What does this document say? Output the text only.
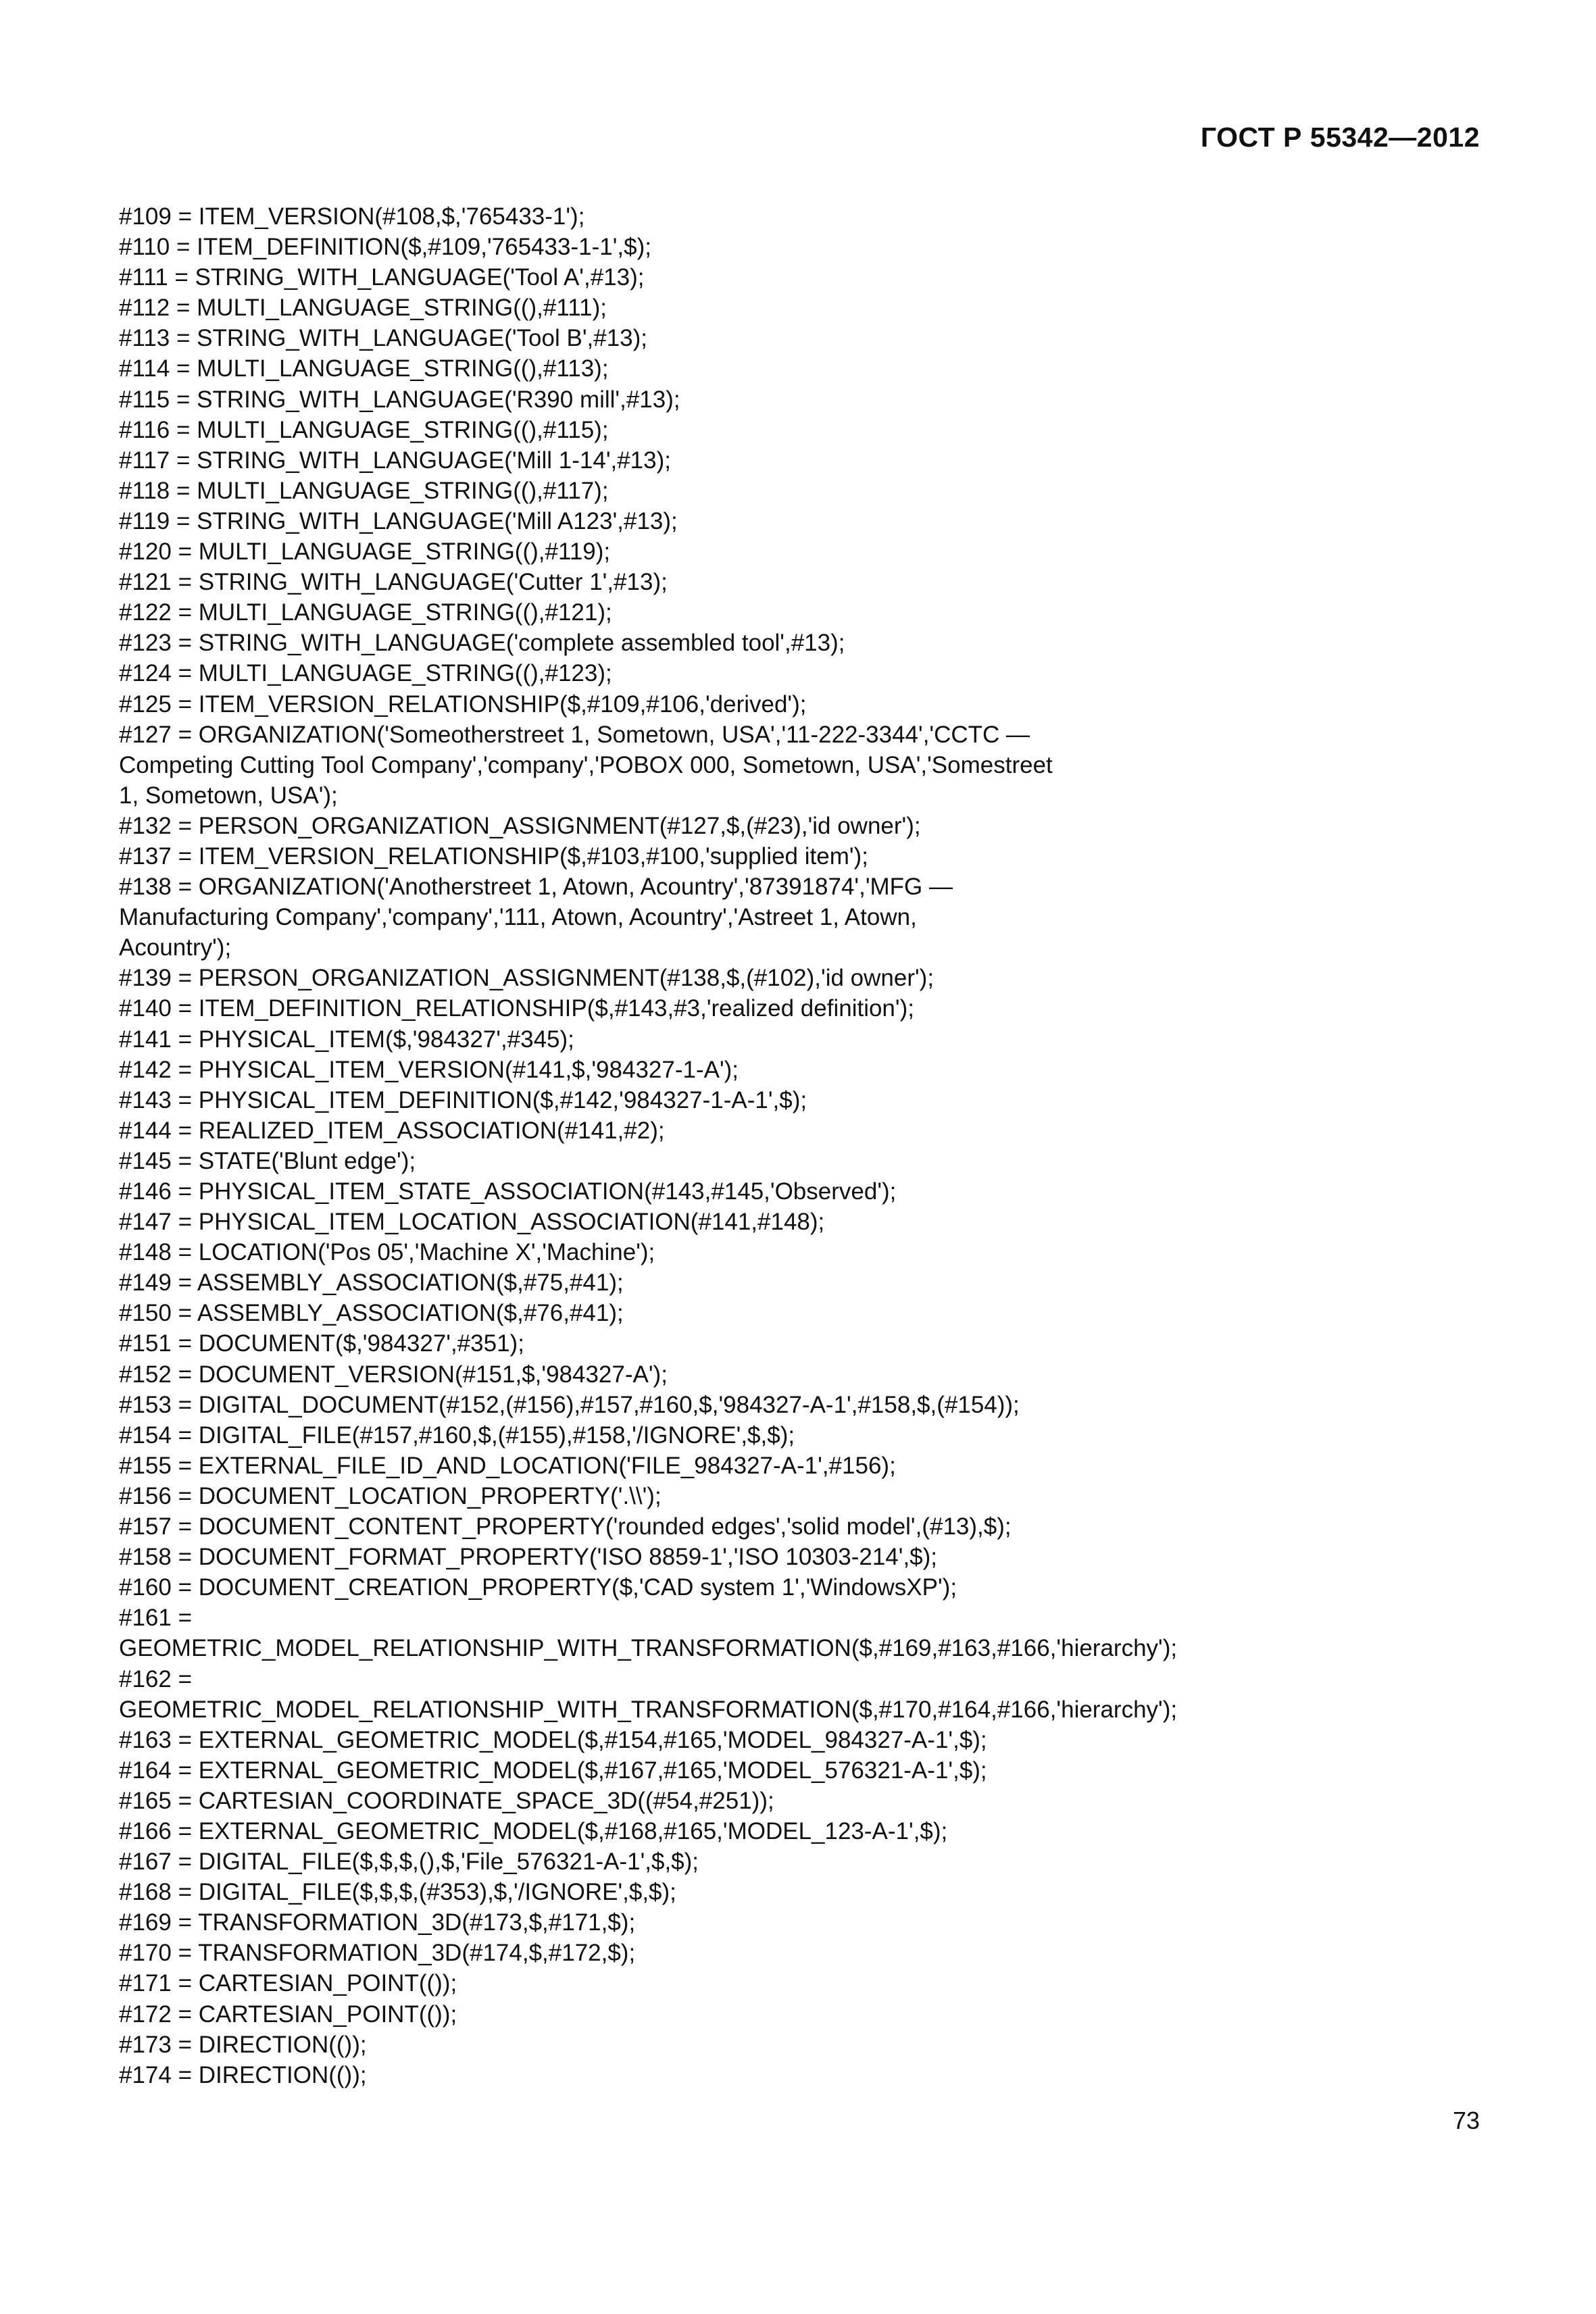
ГОСТ Р 55342—2012
#109 = ITEM_VERSION(#108,$,'765433-1');
#110 = ITEM_DEFINITION($,#109,'765433-1-1',$);
#111 = STRING_WITH_LANGUAGE('Tool A',#13);
#112 = MULTI_LANGUAGE_STRING((),#111);
#113 = STRING_WITH_LANGUAGE('Tool B',#13);
#114 = MULTI_LANGUAGE_STRING((),#113);
#115 = STRING_WITH_LANGUAGE('R390 mill',#13);
#116 = MULTI_LANGUAGE_STRING((),#115);
#117 = STRING_WITH_LANGUAGE('Mill 1-14',#13);
#118 = MULTI_LANGUAGE_STRING((),#117);
#119 = STRING_WITH_LANGUAGE('Mill A123',#13);
#120 = MULTI_LANGUAGE_STRING((),#119);
#121 = STRING_WITH_LANGUAGE('Cutter 1',#13);
#122 = MULTI_LANGUAGE_STRING((),#121);
#123 = STRING_WITH_LANGUAGE('complete assembled tool',#13);
#124 = MULTI_LANGUAGE_STRING((),#123);
#125 = ITEM_VERSION_RELATIONSHIP($,#109,#106,'derived');
#127 = ORGANIZATION('Someotherstreet 1, Sometown, USA','11-222-3344','CCTC —
Competing Cutting Tool Company','company','POBOX 000, Sometown, USA','Somestreet
1, Sometown, USA');
#132 = PERSON_ORGANIZATION_ASSIGNMENT(#127,$,(#23),'id owner');
#137 = ITEM_VERSION_RELATIONSHIP($,#103,#100,'supplied item');
#138 = ORGANIZATION('Anotherstreet 1, Atown, Acountry','87391874','MFG —
Manufacturing Company','company','111, Atown, Acountry','Astreet 1, Atown,
Acountry');
#139 = PERSON_ORGANIZATION_ASSIGNMENT(#138,$,(#102),'id owner');
#140 = ITEM_DEFINITION_RELATIONSHIP($,#143,#3,'realized definition');
#141 = PHYSICAL_ITEM($,'984327',#345);
#142 = PHYSICAL_ITEM_VERSION(#141,$,'984327-1-A');
#143 = PHYSICAL_ITEM_DEFINITION($,#142,'984327-1-A-1',$);
#144 = REALIZED_ITEM_ASSOCIATION(#141,#2);
#145 = STATE('Blunt edge');
#146 = PHYSICAL_ITEM_STATE_ASSOCIATION(#143,#145,'Observed');
#147 = PHYSICAL_ITEM_LOCATION_ASSOCIATION(#141,#148);
#148 = LOCATION('Pos 05','Machine X','Machine');
#149 = ASSEMBLY_ASSOCIATION($,#75,#41);
#150 = ASSEMBLY_ASSOCIATION($,#76,#41);
#151 = DOCUMENT($,'984327',#351);
#152 = DOCUMENT_VERSION(#151,$,'984327-A');
#153 = DIGITAL_DOCUMENT(#152,(#156),#157,#160,$,'984327-A-1',#158,$,(#154));
#154 = DIGITAL_FILE(#157,#160,$,(#155),#158,'/IGNORE',$,$);
#155 = EXTERNAL_FILE_ID_AND_LOCATION('FILE_984327-A-1',#156);
#156 = DOCUMENT_LOCATION_PROPERTY('.\\');
#157 = DOCUMENT_CONTENT_PROPERTY('rounded edges','solid model',(#13),$);
#158 = DOCUMENT_FORMAT_PROPERTY('ISO 8859-1','ISO 10303-214',$);
#160 = DOCUMENT_CREATION_PROPERTY($,'CAD system 1','WindowsXP');
#161 =
GEOMETRIC_MODEL_RELATIONSHIP_WITH_TRANSFORMATION($,#169,#163,#166,'hierarchy');
#162 =
GEOMETRIC_MODEL_RELATIONSHIP_WITH_TRANSFORMATION($,#170,#164,#166,'hierarchy');
#163 = EXTERNAL_GEOMETRIC_MODEL($,#154,#165,'MODEL_984327-A-1',$);
#164 = EXTERNAL_GEOMETRIC_MODEL($,#167,#165,'MODEL_576321-A-1',$);
#165 = CARTESIAN_COORDINATE_SPACE_3D((#54,#251));
#166 = EXTERNAL_GEOMETRIC_MODEL($,#168,#165,'MODEL_123-A-1',$);
#167 = DIGITAL_FILE($,$,$,(),$,'File_576321-A-1',$,$);
#168 = DIGITAL_FILE($,$,$,(#353),$,'/IGNORE',$,$);
#169 = TRANSFORMATION_3D(#173,$,#171,$);
#170 = TRANSFORMATION_3D(#174,$,#172,$);
#171 = CARTESIAN_POINT(());
#172 = CARTESIAN_POINT(());
#173 = DIRECTION(());
#174 = DIRECTION(());
73
